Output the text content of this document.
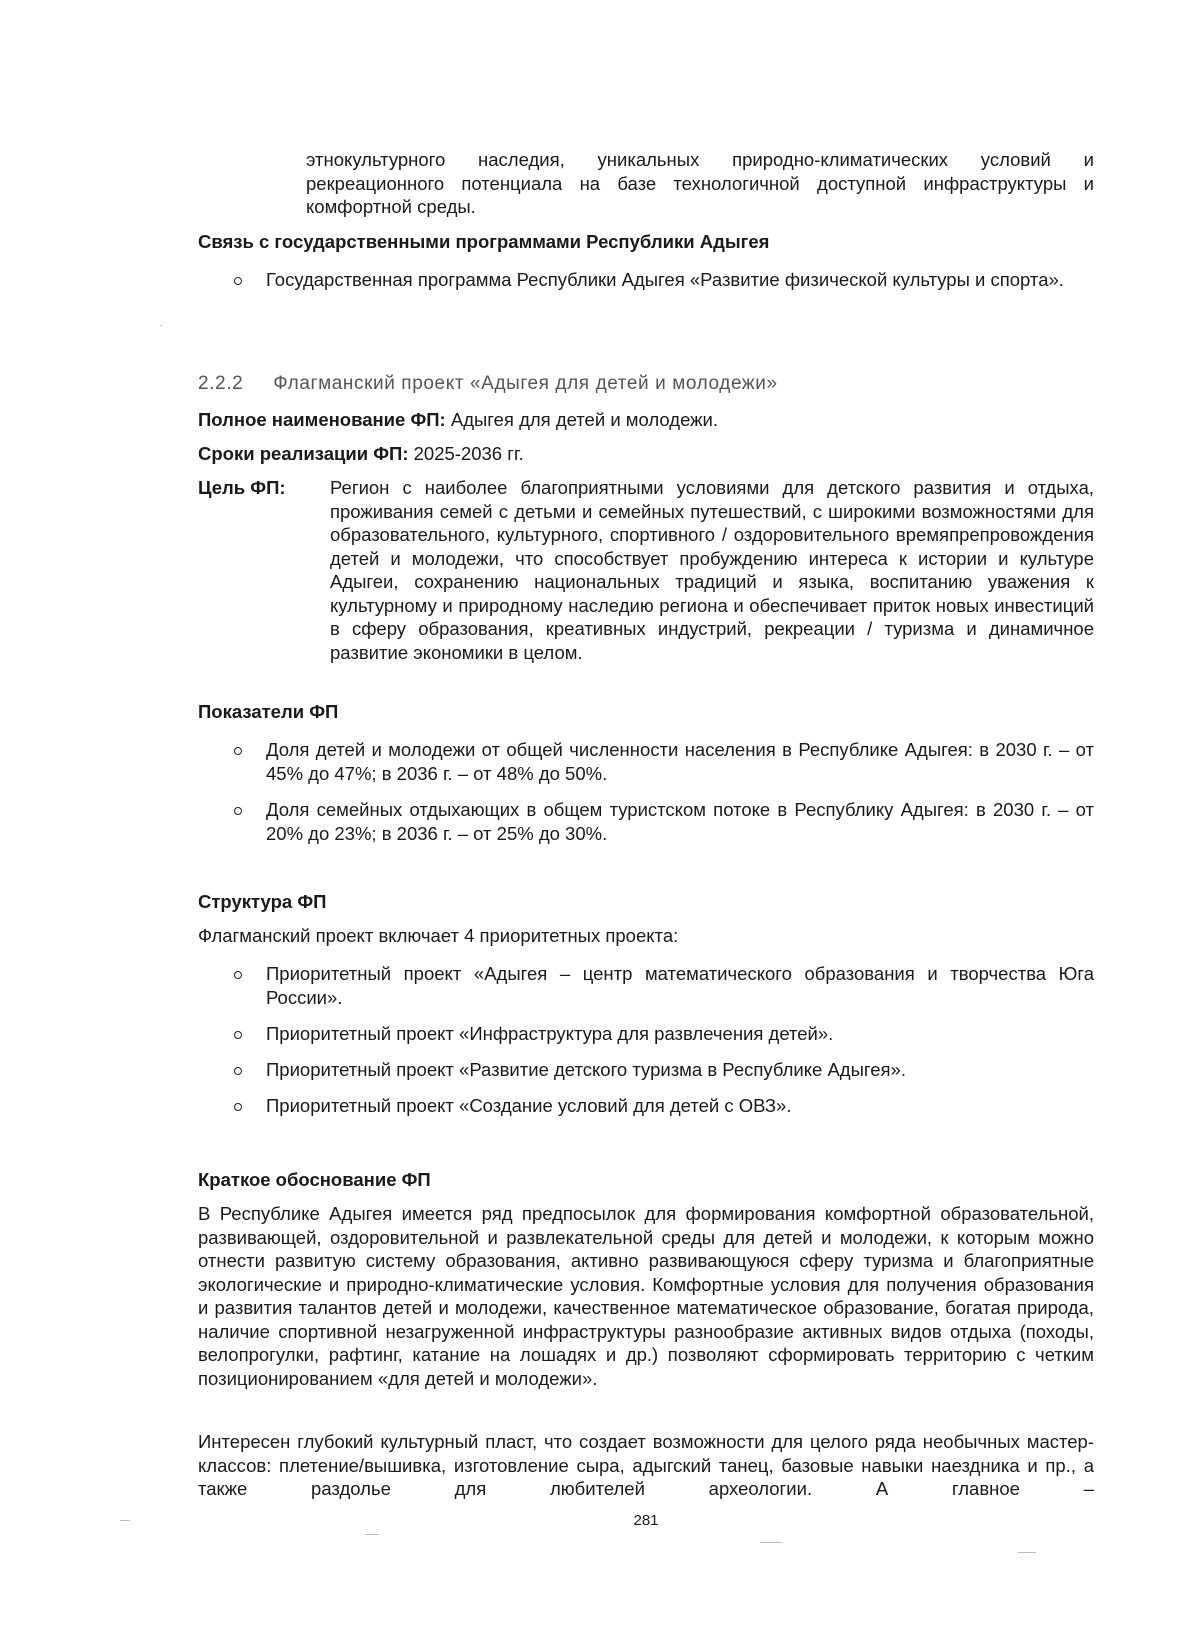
этнокультурного наследия, уникальных природно-климатических условий и рекреационного потенциала на базе технологичной доступной инфраструктуры и комфортной среды.
Связь с государственными программами Республики Адыгея
Государственная программа Республики Адыгея «Развитие физической культуры и спорта».
2.2.2 Флагманский проект «Адыгея для детей и молодежи»
Полное наименование ФП: Адыгея для детей и молодежи.
Сроки реализации ФП: 2025-2036 гг.
Цель ФП: Регион с наиболее благоприятными условиями для детского развития и отдыха, проживания семей с детьми и семейных путешествий, с широкими возможностями для образовательного, культурного, спортивного / оздоровительного времяпрепровождения детей и молодежи, что способствует пробуждению интереса к истории и культуре Адыгеи, сохранению национальных традиций и языка, воспитанию уважения к культурному и природному наследию региона и обеспечивает приток новых инвестиций в сферу образования, креативных индустрий, рекреации / туризма и динамичное развитие экономики в целом.
Показатели ФП
Доля детей и молодежи от общей численности населения в Республике Адыгея: в 2030 г. – от 45% до 47%; в 2036 г. – от 48% до 50%.
Доля семейных отдыхающих в общем туристском потоке в Республику Адыгея: в 2030 г. – от 20% до 23%; в 2036 г. – от 25% до 30%.
Структура ФП
Флагманский проект включает 4 приоритетных проекта:
Приоритетный проект «Адыгея – центр математического образования и творчества Юга России».
Приоритетный проект «Инфраструктура для развлечения детей».
Приоритетный проект «Развитие детского туризма в Республике Адыгея».
Приоритетный проект «Создание условий для детей с ОВЗ».
Краткое обоснование ФП
В Республике Адыгея имеется ряд предпосылок для формирования комфортной образовательной, развивающей, оздоровительной и развлекательной среды для детей и молодежи, к которым можно отнести развитую систему образования, активно развивающуюся сферу туризма и благоприятные экологические и природно-климатические условия. Комфортные условия для получения образования и развития талантов детей и молодежи, качественное математическое образование, богатая природа, наличие спортивной незагруженной инфраструктуры разнообразие активных видов отдыха (походы, велопрогулки, рафтинг, катание на лошадях и др.) позволяют сформировать территорию с четким позиционированием «для детей и молодежи».
Интересен глубокий культурный пласт, что создает возможности для целого ряда необычных мастер-классов: плетение/вышивка, изготовление сыра, адыгский танец, базовые навыки наездника и пр., а также раздолье для любителей археологии. А главное –
281
